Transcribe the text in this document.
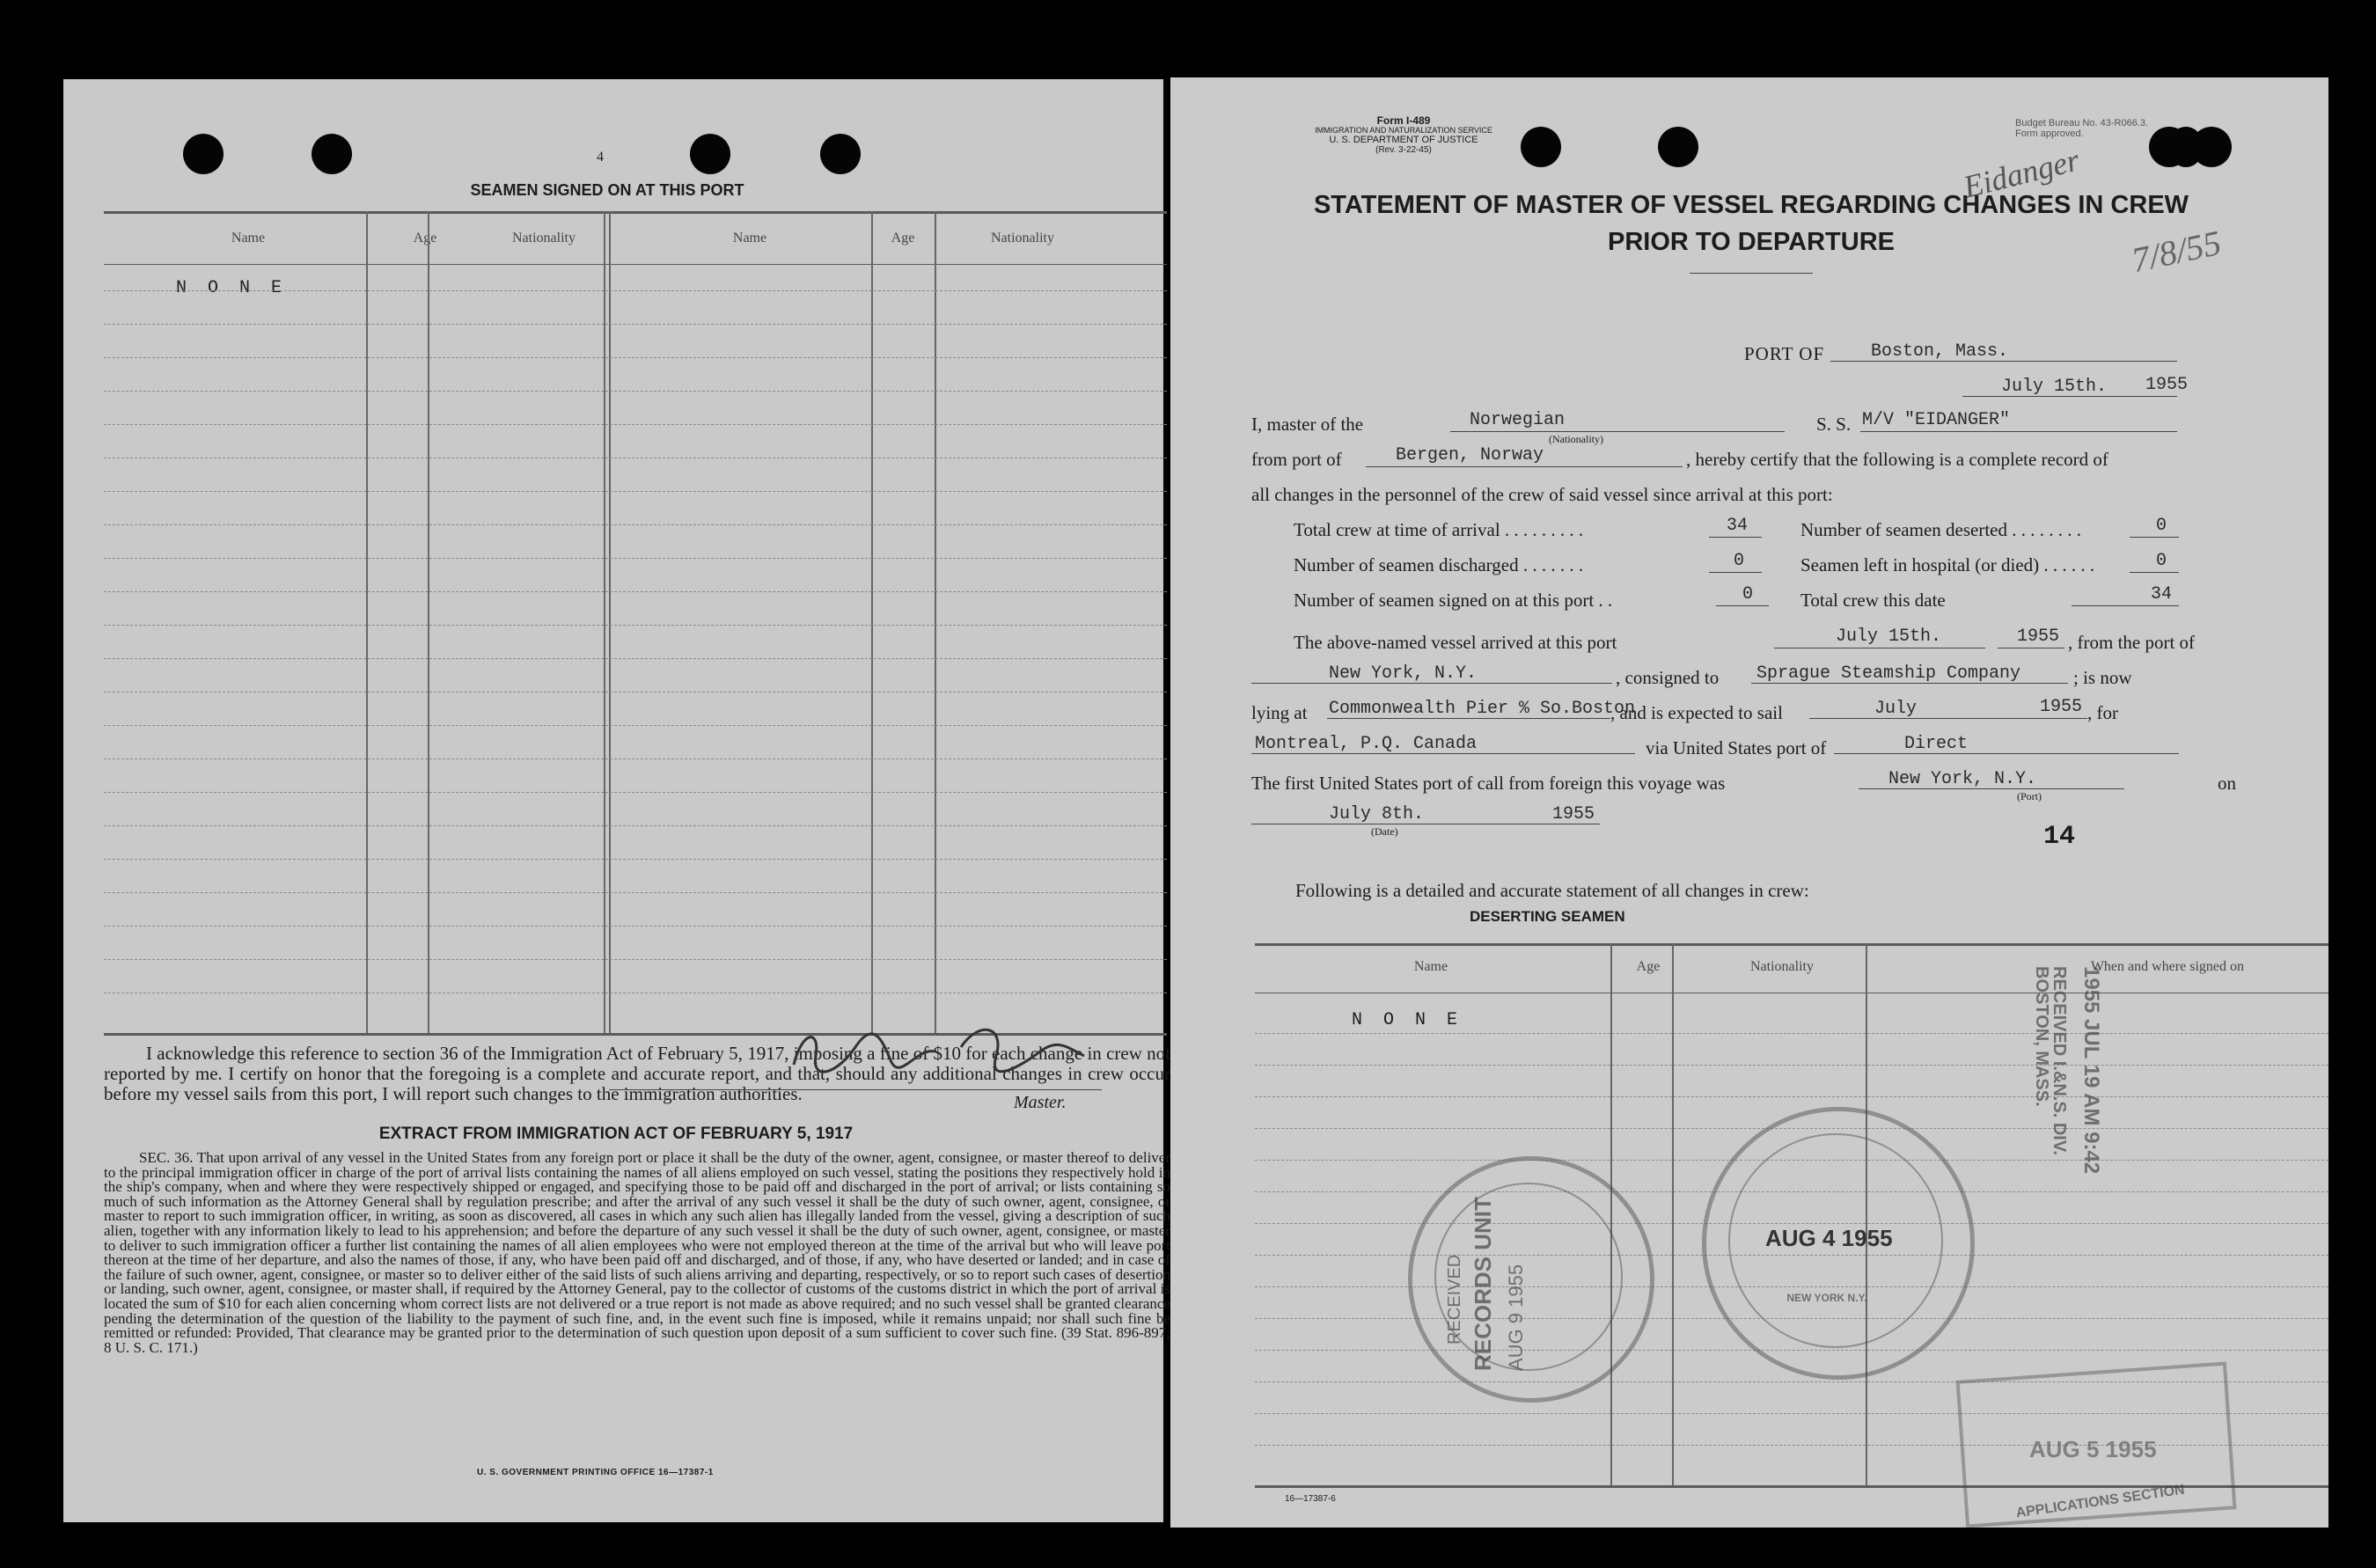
4
SEAMEN SIGNED ON AT THIS PORT
Name	Age	Nationality	Name	Age	Nationality
N O N E
I acknowledge this reference to section 36 of the Immigration Act of February 5, 1917, imposing a fine of $10 for each change in crew not reported by me. I certify on honor that the foregoing is a complete and accurate report, and that, should any additional changes in crew occur before my vessel sails from this port, I will report such changes to the immigration authorities.	Master.
EXTRACT FROM IMMIGRATION ACT OF FEBRUARY 5, 1917
SEC. 36. That upon arrival of any vessel in the United States from any foreign port or place it shall be the duty of the owner, agent, consignee, or master thereof to deliver to the principal immigration officer in charge of the port of arrival lists containing the names of all aliens employed on such vessel, stating the positions they respectively hold in the ship's company, when and where they were respectively shipped or engaged, and specifying those to be paid off and discharged in the port of arrival; or lists containing so much of such information as the Attorney General shall by regulation prescribe; and after the arrival of any such vessel it shall be the duty of such owner, agent, consignee, or master to report to such immigration officer, in writing, as soon as discovered, all cases in which any such alien has illegally landed from the vessel, giving a description of such alien, together with any information likely to lead to his apprehension; and before the departure of any such vessel it shall be the duty of such owner, agent, consignee, or master to deliver to such immigration officer a further list containing the names of all alien employees who were not employed thereon at the time of the arrival but who will leave port thereon at the time of her departure, and also the names of those, if any, who have been paid off and discharged, and of those, if any, who have deserted or landed; and in case of the failure of such owner, agent, consignee, or master so to deliver either of the said lists of such aliens arriving and departing, respectively, or so to report such cases of desertion or landing, such owner, agent, consignee, or master shall, if required by the Attorney General, pay to the collector of customs of the customs district in which the port of arrival is located the sum of $10 for each alien concerning whom correct lists are not delivered or a true report is not made as above required; and no such vessel shall be granted clearance pending the determination of the question of the liability to the payment of such fine, and, in the event such fine is imposed, while it remains unpaid; nor shall such fine be remitted or refunded: Provided, That clearance may be granted prior to the determination of such question upon deposit of a sum sufficient to cover such fine. (39 Stat. 896-897; 8 U. S. C. 171.)
U. S. GOVERNMENT PRINTING OFFICE 16—17387-1
Form I-489
IMMIGRATION AND NATURALIZATION SERVICE
U. S. DEPARTMENT OF JUSTICE
(Rev. 3-22-45)
Budget Bureau No. 43-R066.3.
Form approved.
Eidanger
7/8/55
STATEMENT OF MASTER OF VESSEL REGARDING CHANGES IN CREW
PRIOR TO DEPARTURE
PORT OF	Boston, Mass.
July 15th. 1955
I, master of the	Norwegian
(Nationality)
S. S. M/V "EIDANGER"
from port of	Bergen, Norway	, hereby certify that the following is a complete record of
all changes in the personnel of the crew of said vessel since arrival at this port:
Total crew at time of arrival . . . . . . . . .	34	Number of seamen deserted . . . . . . . .	0
Number of seamen discharged . . . . . . .	0	Seamen left in hospital (or died) . . . . . .	0
Number of seamen signed on at this port . .	0	Total crew this date	34
The above-named vessel arrived at this port	July 15th.	1955 , from the port of
New York, N.Y.	, consigned to Sprague Steamship Company	; is now
lying at Commonwealth Pier % So.Boston
, and is expected to sail	July	1955 , for
Montreal, P.Q. Canada	via United States port of	Direct
The first United States port of call from foreign this voyage was	New York, N.Y.
(Port)
on
July 8th.
(Date)
1955
14
Following is a detailed and accurate statement of all changes in crew:
DESERTING SEAMEN
Name	Age	Nationality	When and where signed on
N O N E
16—17387-6
RECEIVED I.&N.S. DIV. BOSTON, MASS.	1955 JUL 19 AM 9:42
RECORDS UNIT
RECEIVED AUG 9 1955
AUG 4 1955
NEW YORK N.Y.
AUG 5 1955
APPLICATIONS SECTION
